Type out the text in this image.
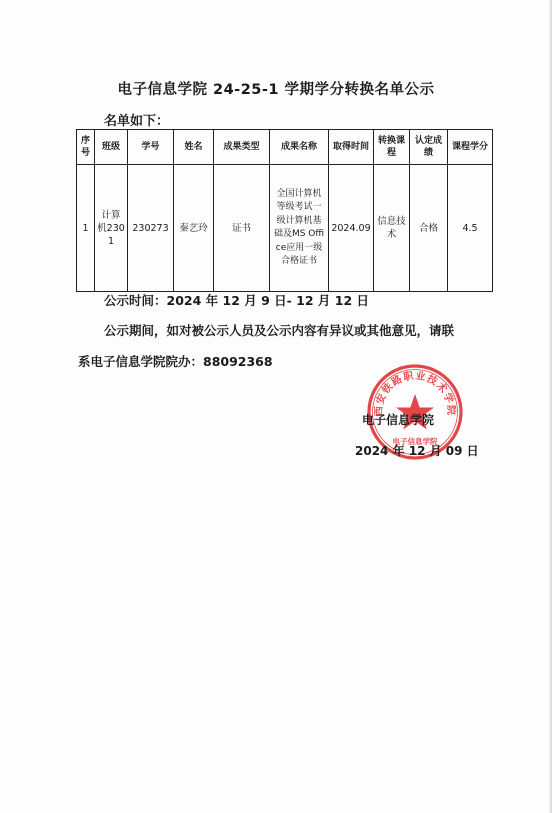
电子信息学院 24-25-1 学期学分转换名单公示
名单如下：
序号	班级	学号	姓名	成果类型	成果名称	取得时间	转换课程	认定成绩	课程学分
1	计算机2301	230273	秦艺玲	证书	全国计算机等级考试一级计算机基础及MS Office应用一级合格证书	2024.09	信息技术	合格	4.5
公示时间：2024 年 12 月 9 日- 12 月 12 日
公示期间，如对被公示人员及公示内容有异议或其他意见，请联
系电子信息学院院办：88092368
西安铁路职业技术学院
电子信息学院
电子信息学院
2024 年 12 月 09 日
